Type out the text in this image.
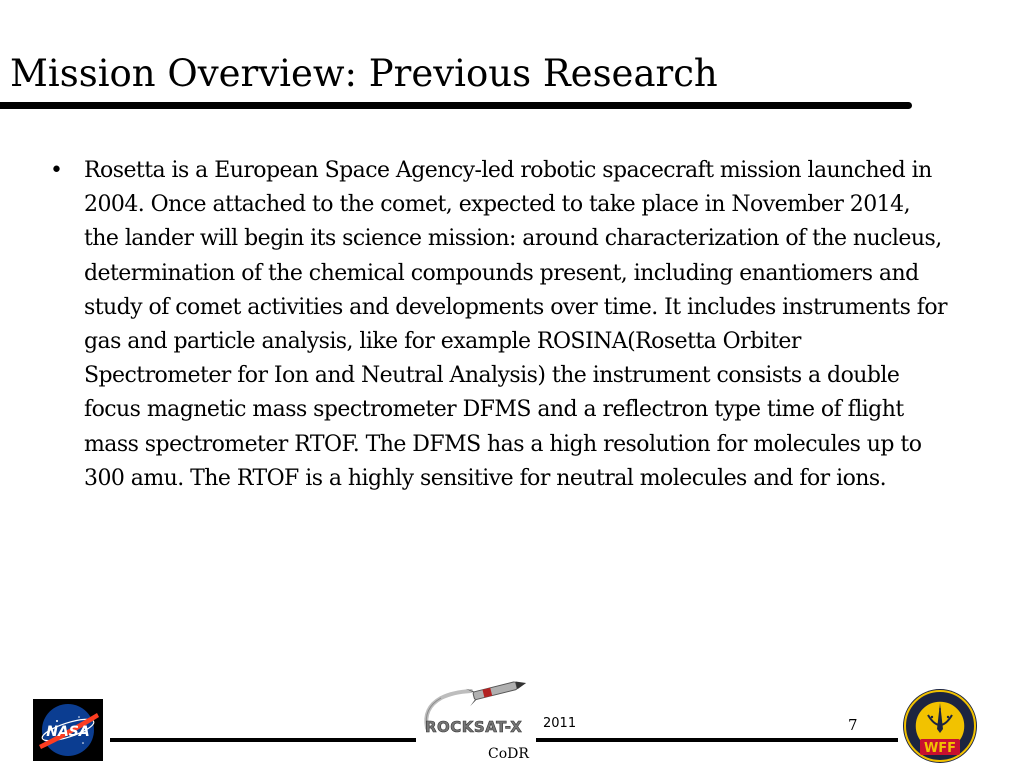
Mission Overview: Previous Research
• Rosetta is a European Space Agency-led robotic spacecraft mission launched in 2004. Once attached to the comet, expected to take place in November 2014, the lander will begin its science mission: around characterization of the nucleus, determination of the chemical compounds present, including enantiomers and study of comet activities and developments over time. It includes instruments for gas and particle analysis, like for example ROSINA(Rosetta Orbiter Spectrometer for Ion and Neutral Analysis) the instrument consists a double focus magnetic mass spectrometer DFMS and a reflectron type time of flight mass spectrometer RTOF. The DFMS has a high resolution for molecules up to 300 amu. The RTOF is a highly sensitive for neutral molecules and for ions.

NASA	ROCKSAT-X 2011	7
CoDR	WFF
